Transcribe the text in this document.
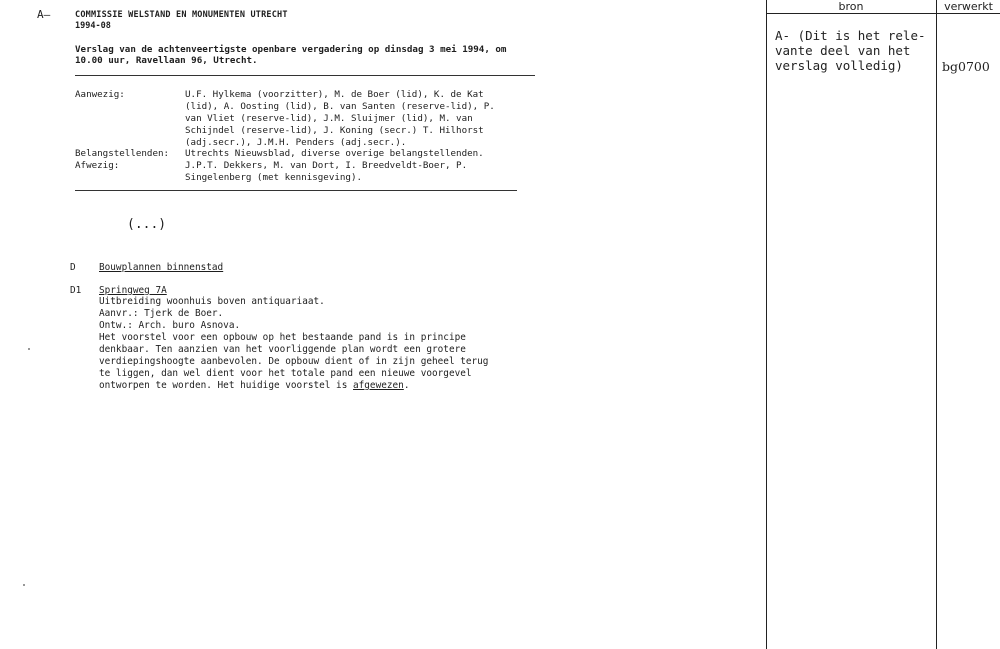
A—	COMMISSIE WELSTAND EN MONUMENTEN UTRECHT
1994-08
Verslag van de achtenveertigste openbare vergadering op dinsdag 3 mei 1994, om
10.00 uur, Ravellaan 96, Utrecht.
Aanwezig:	U.F. Hylkema (voorzitter), M. de Boer (lid), K. de Kat
(lid), A. Oosting (lid), B. van Santen (reserve-lid), P.
van Vliet (reserve-lid), J.M. Sluijmer (lid), M. van
Schijndel (reserve-lid), J. Koning (secr.) T. Hilhorst
(adj.secr.), J.M.H. Penders (adj.secr.).
Belangstellenden: Utrechts Nieuwsblad, diverse overige belangstellenden.
Afwezig:	J.P.T. Dekkers, M. van Dort, I. Breedveldt-Boer, P.
Singelenberg (met kennisgeving).
(...)
D Bouwplannen binnenstad
D1 Springweg 7A
Uitbreiding woonhuis boven antiquariaat.
Aanvr.: Tjerk de Boer.
Ontw.: Arch. buro Asnova.
Het voorstel voor een opbouw op het bestaande pand is in principe
denkbaar. Ten aanzien van het voorliggende plan wordt een grotere
verdiepingshoogte aanbevolen. De opbouw dient of in zijn geheel terug
te liggen, dan wel dient voor het totale pand een nieuwe voorgevel
ontworpen te worden. Het huidige voorstel is afgewezen.
bron	verwerkt
A- (Dit is het rele-
vante deel van het
verslag volledig)	bg0700
